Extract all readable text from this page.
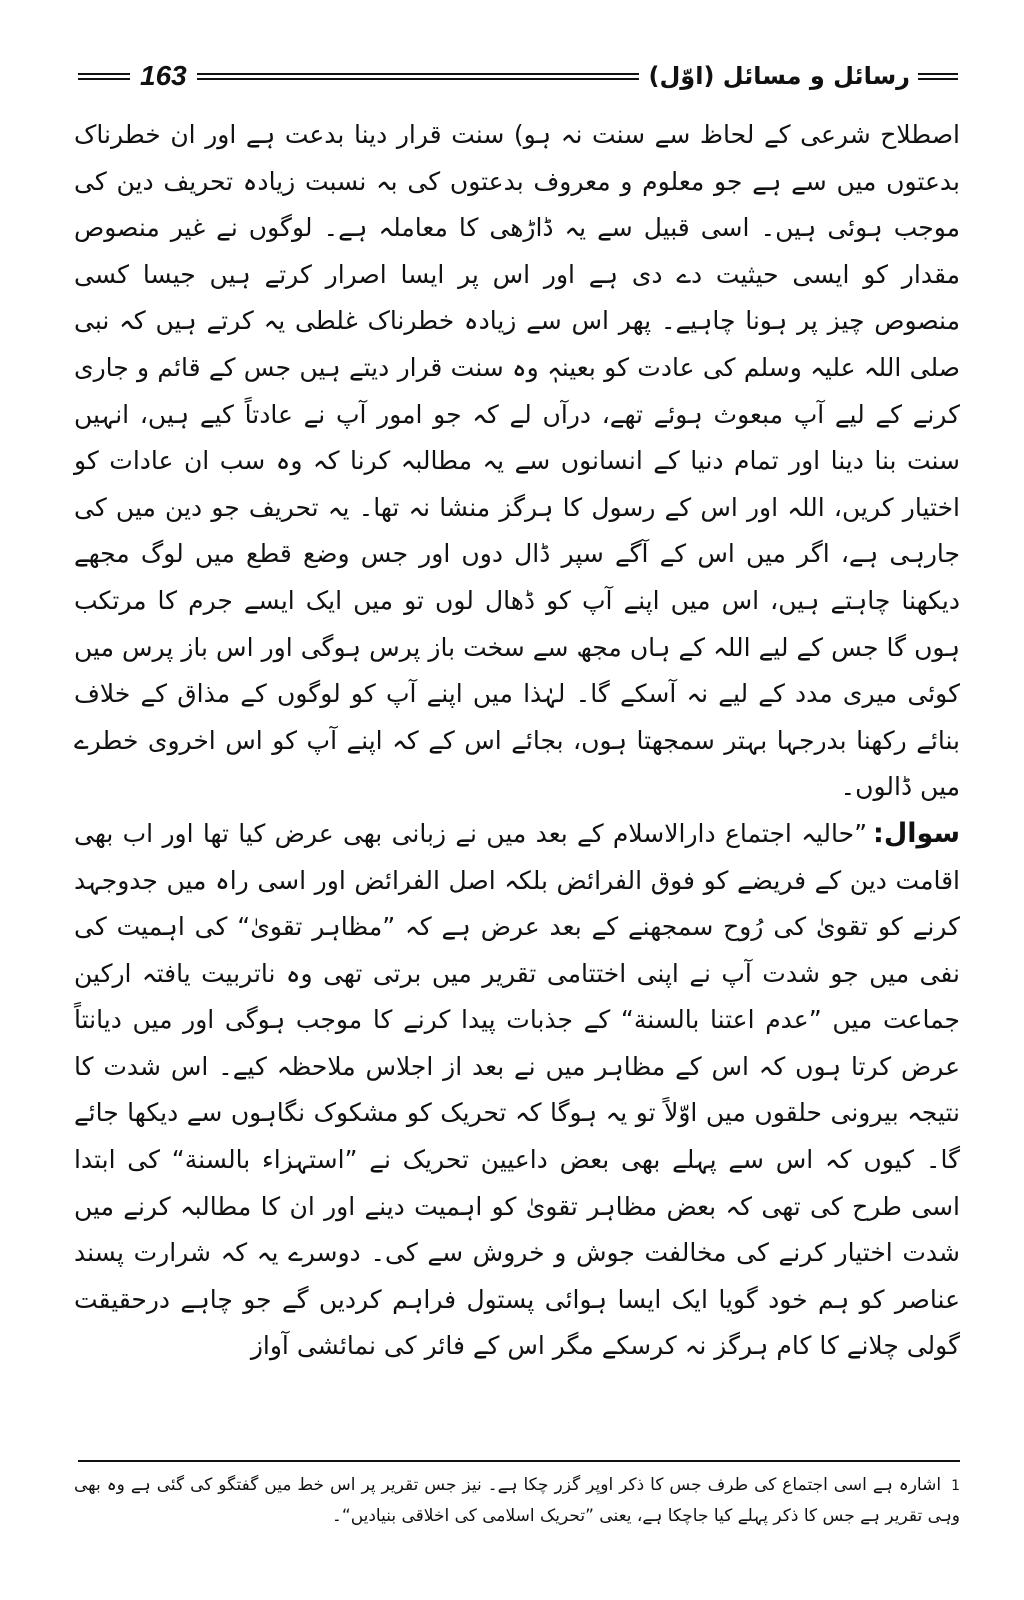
163	رسائل و مسائل (اوّل)

اصطلاح شرعی کے لحاظ سے سنت نہ ہو) سنت قرار دینا بدعت ہے اور ان خطرناک بدعتوں میں سے ہے جو معلوم و معروف بدعتوں کی بہ نسبت زیادہ تحریف دین کی موجب ہوئی ہیں۔ اسی قبیل سے یہ ڈاڑھی کا معاملہ ہے۔ لوگوں نے غیر منصوص مقدار کو ایسی حیثیت دے دی ہے اور اس پر ایسا اصرار کرتے ہیں جیسا کسی منصوص چیز پر ہونا چاہیے۔ پھر اس سے زیادہ خطرناک غلطی یہ کرتے ہیں کہ نبی صلی اللہ علیہ وسلم کی عادت کو بعینہٖ وہ سنت قرار دیتے ہیں جس کے قائم و جاری کرنے کے لیے آپ مبعوث ہوئے تھے، درآں لے کہ جو امور آپ نے عادتاً کیے ہیں، انہیں سنت بنا دینا اور تمام دنیا کے انسانوں سے یہ مطالبہ کرنا کہ وہ سب ان عادات کو اختیار کریں، اللہ اور اس کے رسول کا ہرگز منشا نہ تھا۔ یہ تحریف جو دین میں کی جارہی ہے، اگر میں اس کے آگے سپر ڈال دوں اور جس وضع قطع میں لوگ مجھے دیکھنا چاہتے ہیں، اس میں اپنے آپ کو ڈھال لوں تو میں ایک ایسے جرم کا مرتکب ہوں گا جس کے لیے اللہ کے ہاں مجھ سے سخت باز پرس ہوگی اور اس باز پرس میں کوئی میری مدد کے لیے نہ آسکے گا۔ لہٰذا میں اپنے آپ کو لوگوں کے مذاق کے خلاف بنائے رکھنا بدرجہا بہتر سمجھتا ہوں، بجائے اس کے کہ اپنے آپ کو اس اخروی خطرے میں ڈالوں۔

سوال:”حالیہ اجتماع دارالاسلام کے بعد میں نے زبانی بھی عرض کیا تھا اور اب بھی اقامت دین کے فریضے کو فوق الفرائض بلکہ اصل الفرائض اور اسی راہ میں جدوجہد کرنے کو تقویٰ کی رُوح سمجھنے کے بعد عرض ہے کہ ”مظاہر تقویٰ“ کی اہمیت کی نفی میں جو شدت آپ نے اپنی اختتامی تقریر میں برتی تھی وہ ناتربیت یافتہ ارکین جماعت میں ”عدم اعتنا بالسنة“ کے جذبات پیدا کرنے کا موجب ہوگی اور میں دیانتاً عرض کرتا ہوں کہ اس کے مظاہر میں نے بعد از اجلاس ملاحظہ کیے۔ اس شدت کا نتیجہ بیرونی حلقوں میں اوّلاً تو یہ ہوگا کہ تحریک کو مشکوک نگاہوں سے دیکھا جائے گا۔ کیوں کہ اس سے پہلے بھی بعض داعیین تحریک نے ”استہزاء بالسنة“ کی ابتدا اسی طرح کی تھی کہ بعض مظاہر تقویٰ کو اہمیت دینے اور ان کا مطالبہ کرنے میں شدت اختیار کرنے کی مخالفت جوش و خروش سے کی۔ دوسرے یہ کہ شرارت پسند عناصر کو ہم خود گویا ایک ایسا ہوائی پستول فراہم کردیں گے جو چاہے درحقیقت گولی چلانے کا کام ہرگز نہ کرسکے مگر اس کے فائر کی نمائشی آواز

1اشارہ ہے اسی اجتماع کی طرف جس کا ذکر اوپر گزر چکا ہے۔ نیز جس تقریر پر اس خط میں گفتگو کی گئی ہے وہ بھی وہی تقریر ہے جس کا ذکر پہلے کیا جاچکا ہے، یعنی ”تحریک اسلامی کی اخلاقی بنیادیں“۔
